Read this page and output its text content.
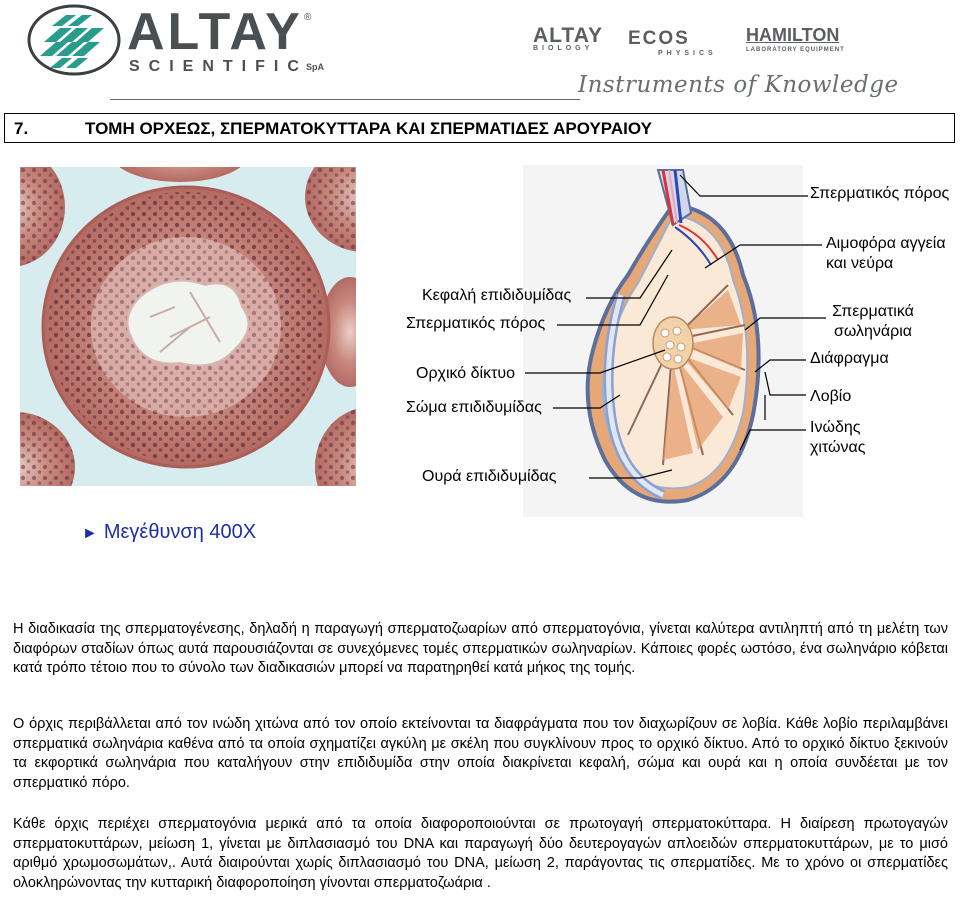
ALTAY ®
SCIENTIFIC
SpA
ALTAY
BIOLOGY	ECOS
PHYSICS
HAMILTON
LABORATORY EQUIPMENT
Instruments of Knowledge
7.	ΤΟΜΗ ΟΡΧΕΩΣ, ΣΠΕΡΜΑΤΟΚΥΤΤΑΡΑ ΚΑΙ ΣΠΕΡΜΑΤΙΔΕΣ ΑΡΟΥΡΑΙΟΥ
Κεφαλή επιδιδυμίδας
Σπερματικός πόρος
Ορχικό δίκτυο
Σώμα επιδιδυμίδας
Ουρά επιδιδυμίδας
Σπερματικός πόρος
Αιμοφόρα αγγεία
και νεύρα
Σπερματικά
σωληνάρια
Διάφραγμα
Λοβίο
Ινώδης
χιτώνας
► Μεγέθυνση 400X

Η διαδικασία της σπερματογένεσης, δηλαδή η παραγωγή σπερματοζωαρίων από σπερματογόνια, γίνεται καλύτερα αντιληπτή από τη μελέτη των διαφόρων σταδίων όπως αυτά παρουσιάζονται σε συνεχόμενες τομές σπερματικών σωληναρίων. Κάποιες φορές ωστόσο, ένα σωληνάριο κόβεται κατά τρόπο τέτοιο που το σύνολο των διαδικασιών μπορεί να παρατηρηθεί κατά μήκος της τομής.

Ο όρχις περιβάλλεται από τον ινώδη χιτώνα από τον οποίο εκτείνονται τα διαφράγματα που τον διαχωρίζουν σε λοβία. Κάθε λοβίο περιλαμβάνει σπερματικά σωληνάρια καθένα από τα οποία σχηματίζει αγκύλη με σκέλη που συγκλίνουν προς το ορχικό δίκτυο. Από το ορχικό δίκτυο ξεκινούν τα εκφορτικά σωληνάρια που καταλήγουν στην επιδιδυμίδα στην οποία διακρίνεται κεφαλή, σώμα και ουρά και η οποία συνδέεται με τον σπερματικό πόρο.

Κάθε όρχις περιέχει σπερματογόνια μερικά από τα οποία διαφοροποιούνται σε πρωτογαγή σπερματοκύτταρα. Η διαίρεση πρωτογαγών σπερματοκυττάρων, μείωση 1, γίνεται με διπλασιασμό του DNA και παραγωγή δύο δευτερογαγών απλοειδών σπερματοκυττάρων, με το μισό αριθμό χρωμοσωμάτων,. Αυτά διαιρούνται χωρίς διπλασιασμό του DNA, μείωση 2, παράγοντας τις σπερματίδες. Με το χρόνο οι σπερματίδες ολοκληρώνοντας την κυτταρική διαφοροποίηση γίνονται σπερματοζωάρια .
